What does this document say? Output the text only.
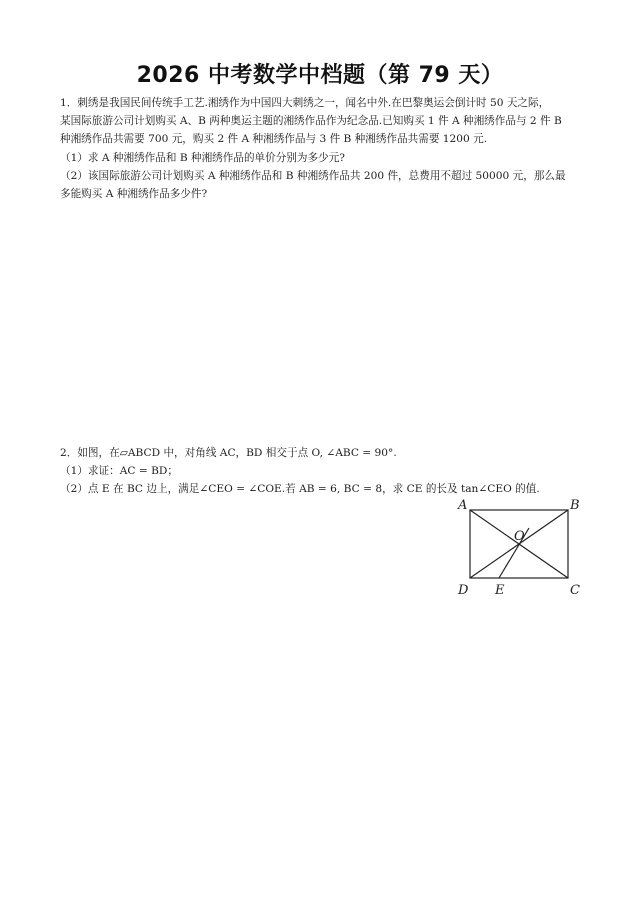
2026 中考数学中档题（第 79 天）
1．刺绣是我国民间传统手工艺.湘绣作为中国四大刺绣之一，闻名中外.在巴黎奥运会倒计时 50 天之际，
某国际旅游公司计划购买 A、B 两种奥运主题的湘绣作品作为纪念品.已知购买 1 件 A 种湘绣作品与 2 件 B
种湘绣作品共需要 700 元，购买 2 件 A 种湘绣作品与 3 件 B 种湘绣作品共需要 1200 元.
（1）求 A 种湘绣作品和 B 种湘绣作品的单价分别为多少元?
（2）该国际旅游公司计划购买 A 种湘绣作品和 B 种湘绣作品共 200 件，总费用不超过 50000 元，那么最
多能购买 A 种湘绣作品多少件?
2．如图，在▱ABCD 中，对角线 AC，BD 相交于点 O, ∠ABC = 90°.
（1）求证：AC = BD；
（2）点 E 在 BC 边上，满足∠CEO = ∠COE.若 AB = 6, BC = 8，求 CE 的长及 tan∠CEO 的值.
A	B
C
D E
O
